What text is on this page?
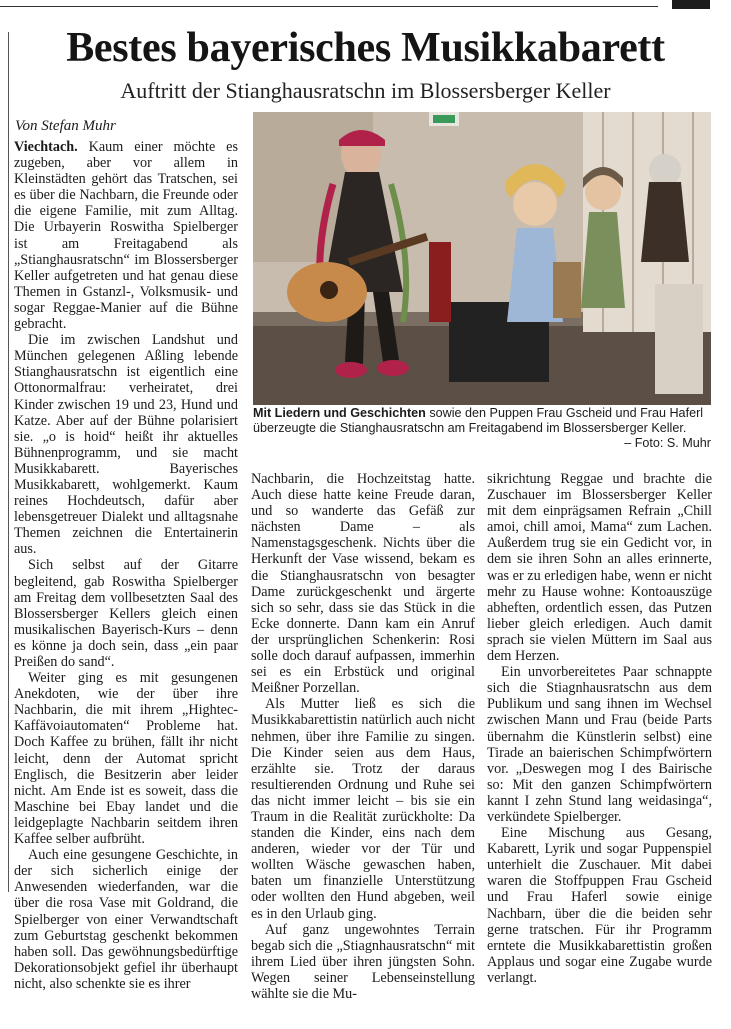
Bestes bayerisches Musikkabarett
Auftritt der Stianghausratschn im Blossersberger Keller

Von Stefan Muhr

Viechtach. Kaum einer möchte es zugeben, aber vor allem in Kleinstädten gehört das Tratschen, sei es über die Nachbarn, die Freunde oder die eigene Familie, mit zum Alltag. Die Urbayerin Roswitha Spielberger ist am Freitagabend als „Stianghausratschn“ im Blossersberger Keller aufgetreten und hat genau diese Themen in Gstanzl-, Volksmusik- und sogar Reggae-Manier auf die Bühne gebracht.

Die im zwischen Landshut und München gelegenen Aßling lebende Stianghausratschn ist eigentlich eine Ottonormalfrau: verheiratet, drei Kinder zwischen 19 und 23, Hund und Katze. Aber auf der Bühne polarisiert sie. „o is hoid“ heißt ihr aktuelles Bühnenprogramm, und sie macht Musikkabarett. Bayerisches Musikkabarett, wohlgemerkt. Kaum reines Hochdeutsch, dafür aber lebensgetreuer Dialekt und alltagsnahe Themen zeichnen die Entertainerin aus.

Sich selbst auf der Gitarre begleitend, gab Roswitha Spielberger am Freitag dem vollbesetzten Saal des Blossersberger Kellers gleich einen musikalischen Bayerisch-Kurs – denn es könne ja doch sein, dass „ein paar Preißen do sand“.

Weiter ging es mit gesungenen Anekdoten, wie der über ihre Nachbarin, die mit ihrem „Hightec-Kaffävoiautomaten“ Probleme hat. Doch Kaffee zu brühen, fällt ihr nicht leicht, denn der Automat spricht Englisch, die Besitzerin aber leider nicht. Am Ende ist es soweit, dass die Maschine bei Ebay landet und die leidgeplagte Nachbarin seitdem ihren Kaffee selber aufbrüht.

Auch eine gesungene Geschichte, in der sich sicherlich einige der Anwesenden wiederfanden, war die über die rosa Vase mit Goldrand, die Spielberger von einer Verwandtschaft zum Geburtstag geschenkt bekommen haben soll. Das gewöhnungsbedürftige Dekorationsobjekt gefiel ihr überhaupt nicht, also schenkte sie es ihrer

Mit Liedern und Geschichten sowie den Puppen Frau Gscheid und Frau Haferl überzeugte die Stianghausratschn am Freitagabend im Blossersberger Keller.
– Foto: S. Muhr

Nachbarin, die Hochzeitstag hatte. Auch diese hatte keine Freude daran, und so wanderte das Gefäß zur nächsten Dame – als Namenstagsgeschenk. Nichts über die Herkunft der Vase wissend, bekam es die Stianghausratschn von besagter Dame zurückgeschenkt und ärgerte sich so sehr, dass sie das Stück in die Ecke donnerte. Dann kam ein Anruf der ursprünglichen Schenkerin: Rosi solle doch darauf aufpassen, immerhin sei es ein Erbstück und original Meißner Porzellan.

Als Mutter ließ es sich die Musikkabarettistin natürlich auch nicht nehmen, über ihre Familie zu singen. Die Kinder seien aus dem Haus, erzählte sie. Trotz der daraus resultierenden Ordnung und Ruhe sei das nicht immer leicht – bis sie ein Traum in die Realität zurückholte: Da standen die Kinder, eins nach dem anderen, wieder vor der Tür und wollten Wäsche gewaschen haben, baten um finanzielle Unterstützung oder wollten den Hund abgeben, weil es in den Urlaub ging.

Auf ganz ungewohntes Terrain begab sich die „Stiagnhausratschn“ mit ihrem Lied über ihren jüngsten Sohn. Wegen seiner Lebenseinstellung wählte sie die Mu-

sikrichtung Reggae und brachte die Zuschauer im Blossersberger Keller mit dem einprägsamen Refrain „Chill amoi, chill amoi, Mama“ zum Lachen. Außerdem trug sie ein Gedicht vor, in dem sie ihren Sohn an alles erinnerte, was er zu erledigen habe, wenn er nicht mehr zu Hause wohne: Kontoauszüge abheften, ordentlich essen, das Putzen lieber gleich erledigen. Auch damit sprach sie vielen Müttern im Saal aus dem Herzen.

Ein unvorbereitetes Paar schnappte sich die Stiagnhausratschn aus dem Publikum und sang ihnen im Wechsel zwischen Mann und Frau (beide Parts übernahm die Künstlerin selbst) eine Tirade an baierischen Schimpfwörtern vor. „Deswegen mog I des Bairische so: Mit den ganzen Schimpfwörtern kannt I zehn Stund lang weidasinga“, verkündete Spielberger.

Eine Mischung aus Gesang, Kabarett, Lyrik und sogar Puppenspiel unterhielt die Zuschauer. Mit dabei waren die Stoffpuppen Frau Gscheid und Frau Haferl sowie einige Nachbarn, über die die beiden sehr gerne tratschen. Für ihr Programm erntete die Musikkabarettistin großen Applaus und sogar eine Zugabe wurde verlangt.
